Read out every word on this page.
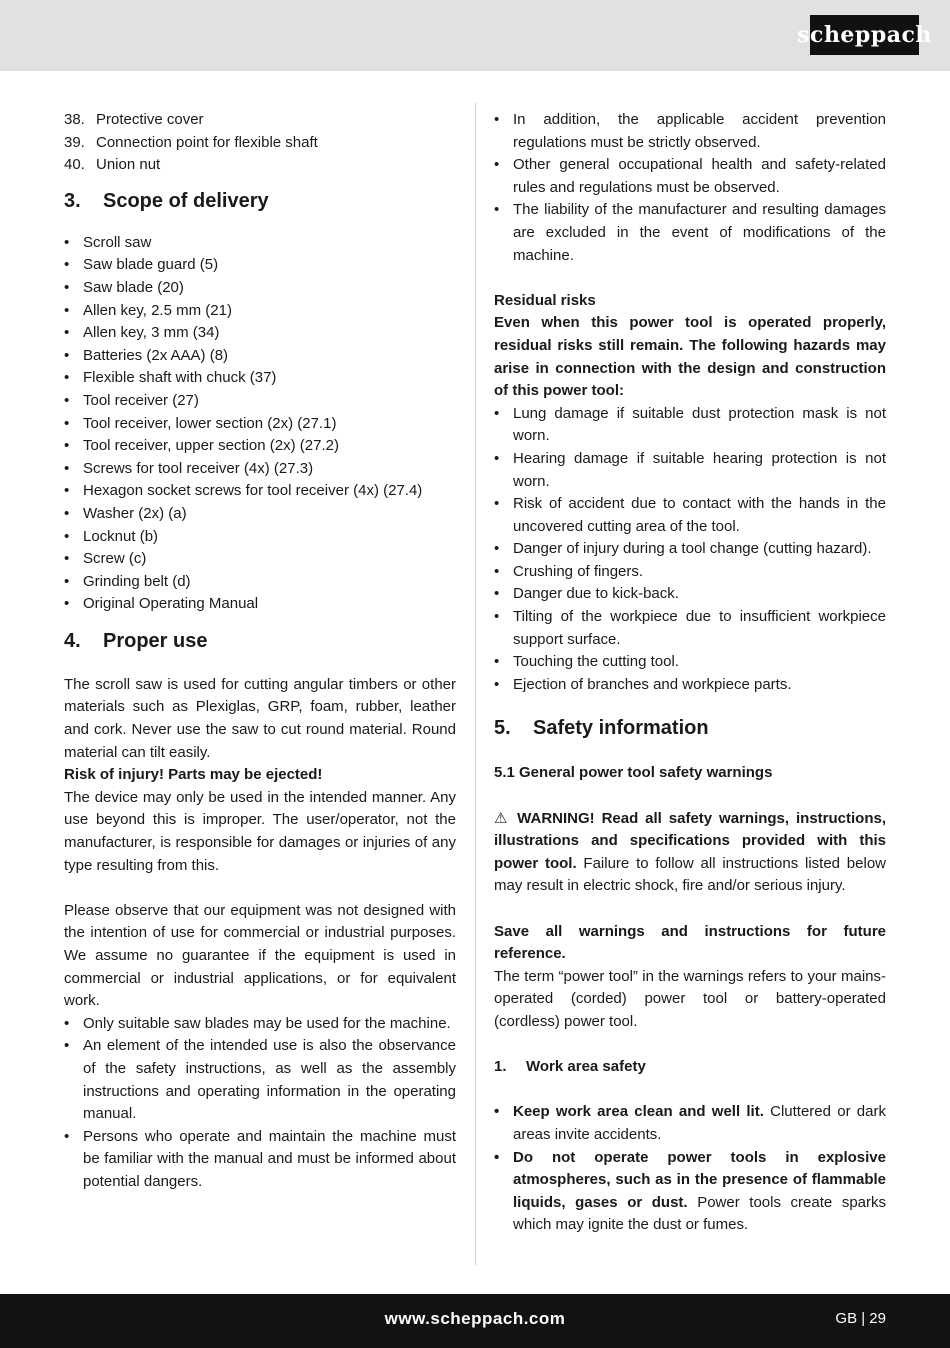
scheppach
38. Protective cover
39. Connection point for flexible shaft
40. Union nut
3. Scope of delivery
• Scroll saw
• Saw blade guard (5)
• Saw blade (20)
• Allen key, 2.5 mm (21)
• Allen key, 3 mm (34)
• Batteries (2x AAA) (8)
• Flexible shaft with chuck (37)
• Tool receiver (27)
• Tool receiver, lower section (2x) (27.1)
• Tool receiver, upper section (2x) (27.2)
• Screws for tool receiver (4x) (27.3)
• Hexagon socket screws for tool receiver (4x) (27.4)
• Washer (2x) (a)
• Locknut (b)
• Screw (c)
• Grinding belt (d)
• Original Operating Manual
4. Proper use

The scroll saw is used for cutting angular timbers or other materials such as Plexiglas, GRP, foam, rubber, leather and cork. Never use the saw to cut round material. Round material can tilt easily.

Risk of injury! Parts may be ejected!

The device may only be used in the intended manner. Any use beyond this is improper. The user/operator, not the manufacturer, is responsible for damages or injuries of any type resulting from this.

Please observe that our equipment was not designed with the intention of use for commercial or industrial purposes. We assume no guarantee if the equipment is used in commercial or industrial applications, or for equivalent work.

• Only suitable saw blades may be used for the machine.
• An element of the intended use is also the observance of the safety instructions, as well as the assembly instructions and operating information in the operating manual.
• Persons who operate and maintain the machine must be familiar with the manual and must be informed about potential dangers.
• In addition, the applicable accident prevention regulations must be strictly observed.
• Other general occupational health and safety-related rules and regulations must be observed.
• The liability of the manufacturer and resulting damages are excluded in the event of modifications of the machine.

Residual risks

Even when this power tool is operated properly, residual risks still remain. The following hazards may arise in connection with the design and construction of this power tool:

• Lung damage if suitable dust protection mask is not worn.
• Hearing damage if suitable hearing protection is not worn.
• Risk of accident due to contact with the hands in the uncovered cutting area of the tool.
• Danger of injury during a tool change (cutting hazard).
• Crushing of fingers.
• Danger due to kick-back.
• Tilting of the workpiece due to insufficient workpiece support surface.
• Touching the cutting tool.
• Ejection of branches and workpiece parts.
5. Safety information

5.1 General power tool safety warnings

⚠ WARNING! Read all safety warnings, instructions, illustrations and specifications provided with this power tool. Failure to follow all instructions listed below may result in electric shock, fire and/or serious injury.

Save all warnings and instructions for future reference.

The term “power tool” in the warnings refers to your mains-operated (corded) power tool or battery-operated (cordless) power tool.

1. Work area safety

• Keep work area clean and well lit. Cluttered or dark areas invite accidents.
• Do not operate power tools in explosive atmospheres, such as in the presence of flammable liquids, gases or dust. Power tools create sparks which may ignite the dust or fumes.
www.scheppach.com	GB | 29
